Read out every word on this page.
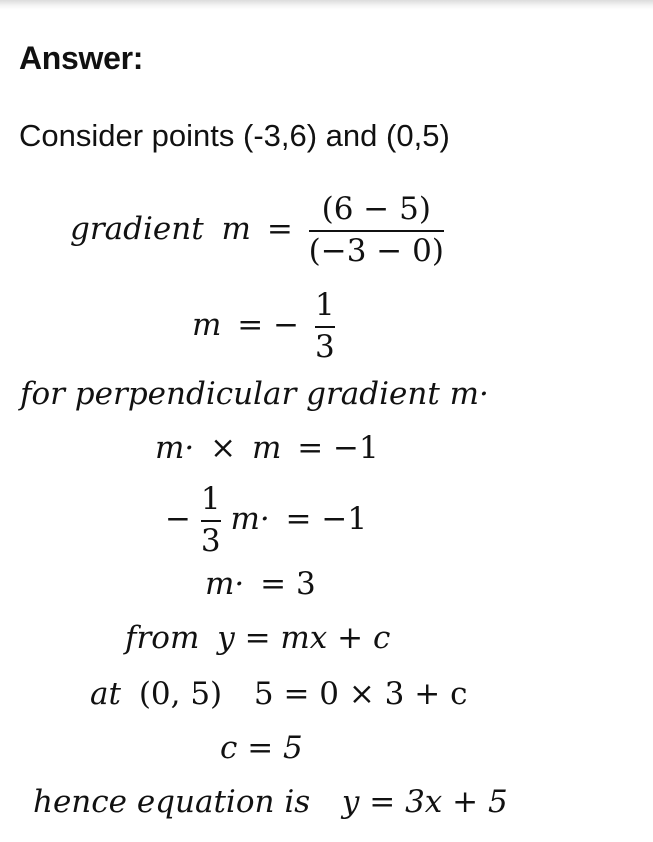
Answer:
Consider points (-3,6) and (0,5)
gradient $m = \frac{(6 - 5)}{(-3 - 0)}$
m = − $\frac{1}{3}$
for perpendicular gradient m·
m· × m = −1
− $\frac{1}{3} m\cdot = -1$
m· = 3
from y = mx + c
at (0, 5) 5 = 0 × 3 + c
c = 5
hence equation is y = 3x + 5
